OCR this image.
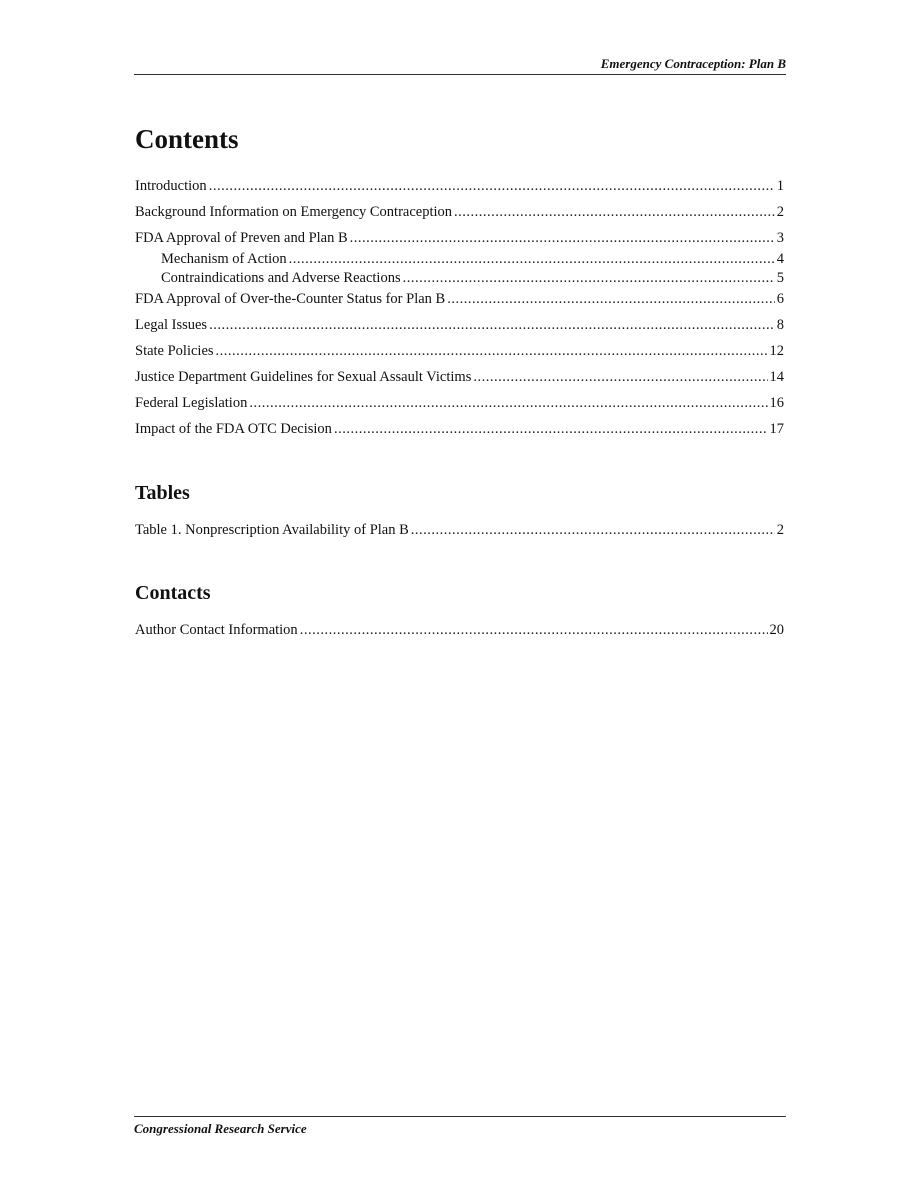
Emergency Contraception: Plan B
Contents
Introduction .....	1
Background Information on Emergency Contraception .....	2
FDA Approval of Preven and Plan B .....	3
Mechanism of Action .....	4
Contraindications and Adverse Reactions .....	5
FDA Approval of Over-the-Counter Status for Plan B .....	6
Legal Issues .....	8
State Policies .....	12
Justice Department Guidelines for Sexual Assault Victims .....	14
Federal Legislation .....	16
Impact of the FDA OTC Decision .....	17
Tables
Table 1. Nonprescription Availability of Plan B .....	2
Contacts
Author Contact Information .....	20
Congressional Research Service
